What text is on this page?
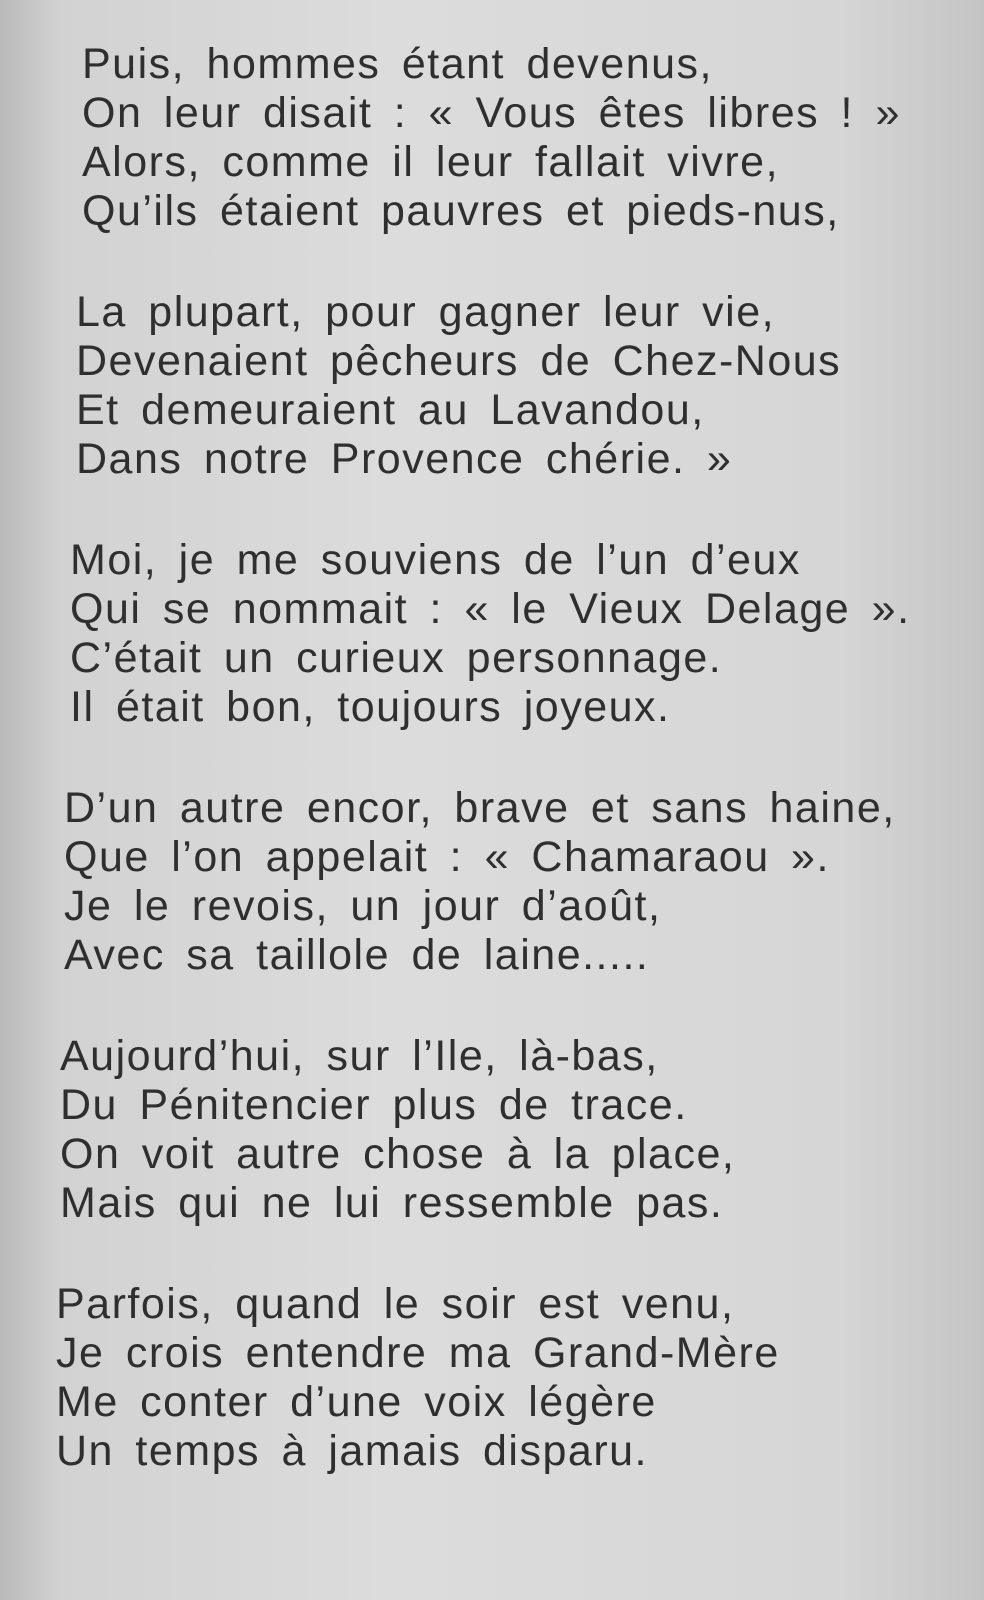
Puis, hommes étant devenus,
On leur disait : « Vous êtes libres ! »
Alors, comme il leur fallait vivre,
Qu’ils étaient pauvres et pieds-nus,
La plupart, pour gagner leur vie,
Devenaient pêcheurs de Chez-Nous
Et demeuraient au Lavandou,
Dans notre Provence chérie. »
Moi, je me souviens de l’un d’eux
Qui se nommait : « le Vieux Delage ».
C’était un curieux personnage.
Il était bon, toujours joyeux.
D’un autre encor, brave et sans haine,
Que l’on appelait : « Chamaraou ».
Je le revois, un jour d’août,
Avec sa taillole de laine.....
Aujourd’hui, sur l’Ile, là-bas,
Du Pénitencier plus de trace.
On voit autre chose à la place,
Mais qui ne lui ressemble pas.
Parfois, quand le soir est venu,
Je crois entendre ma Grand-Mère
Me conter d’une voix légère
Un temps à jamais disparu.
